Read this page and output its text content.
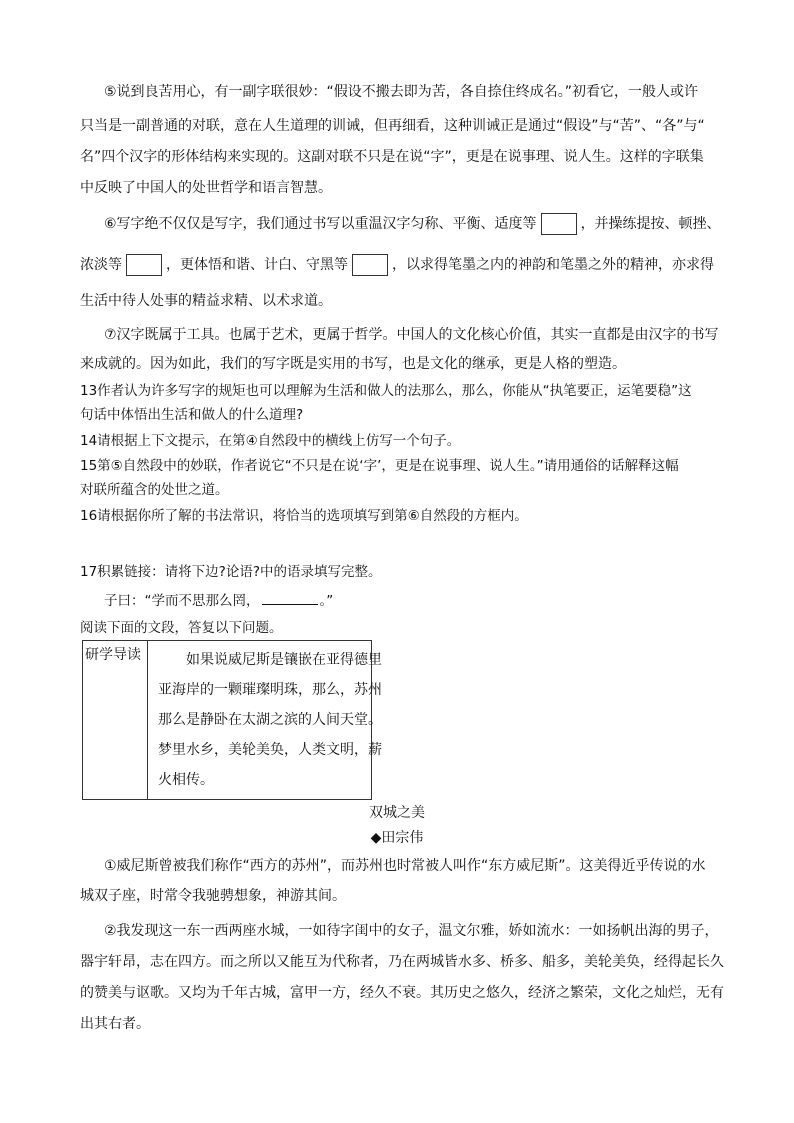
⑤说到良苦用心，有一副字联很妙：“假设不搬去即为苦，各自捺住终成名。”初看它，一般人或许
只当是一副普通的对联，意在人生道理的训诫，但再细看，这种训诫正是通过“假设”与“苦”、“各”与“
名”四个汉字的形体结构来实现的。这副对联不只是在说“字”，更是在说事理、说人生。这样的字联集
中反映了中国人的处世哲学和语言智慧。
⑥写字绝不仅仅是写字，我们通过书写以重温汉字匀称、平衡、适度等	，并操练提按、顿挫、
浓淡等	，更体悟和谐、计白、守黑等	，以求得笔墨之内的神韵和笔墨之外的精神，亦求得
生活中待人处事的精益求精、以术求道。
⑦汉字既属于工具。也属于艺术，更属于哲学。中国人的文化核心价值，其实一直都是由汉字的书写
来成就的。因为如此，我们的写字既是实用的书写，也是文化的继承，更是人格的塑造。
13作者认为许多写字的规矩也可以理解为生活和做人的法那么，那么，你能从“执笔要正，运笔要稳”这
句话中体悟出生活和做人的什么道理?
14请根据上下文提示，在第④自然段中的横线上仿写一个句子。
15第⑤自然段中的妙联，作者说它“不只是在说‘字’，更是在说事理、说人生。”请用通俗的话解释这幅
对联所蕴含的处世之道。
16请根据你所了解的书法常识，将恰当的选项填写到第⑥自然段的方框内。
17积累链接：请将下边?论语?中的语录填写完整。
子曰：“学而不思那么罔，	。”
阅读下面的文段，答复以下问题。
研学导读	如果说威尼斯是镶嵌在亚得德里
亚海岸的一颗璀璨明珠，那么，苏州
那么是静卧在太湖之滨的人间天堂。
梦里水乡，美轮美奂，人类文明，薪
火相传。
双城之美
◆田宗伟
①威尼斯曾被我们称作“西方的苏州”，而苏州也时常被人叫作“东方威尼斯”。这美得近乎传说的水
城双子座，时常令我驰骋想象，神游其间。
②我发现这一东一西两座水城，一如待字闺中的女子，温文尔雅，娇如流水：一如扬帆出海的男子，
器宇轩昂，志在四方。而之所以又能互为代称者，乃在两城皆水多、桥多、船多，美轮美奂，经得起长久
的赞美与讴歌。又均为千年古城，富甲一方，经久不衰。其历史之悠久，经济之繁荣，文化之灿烂，无有
出其右者。
